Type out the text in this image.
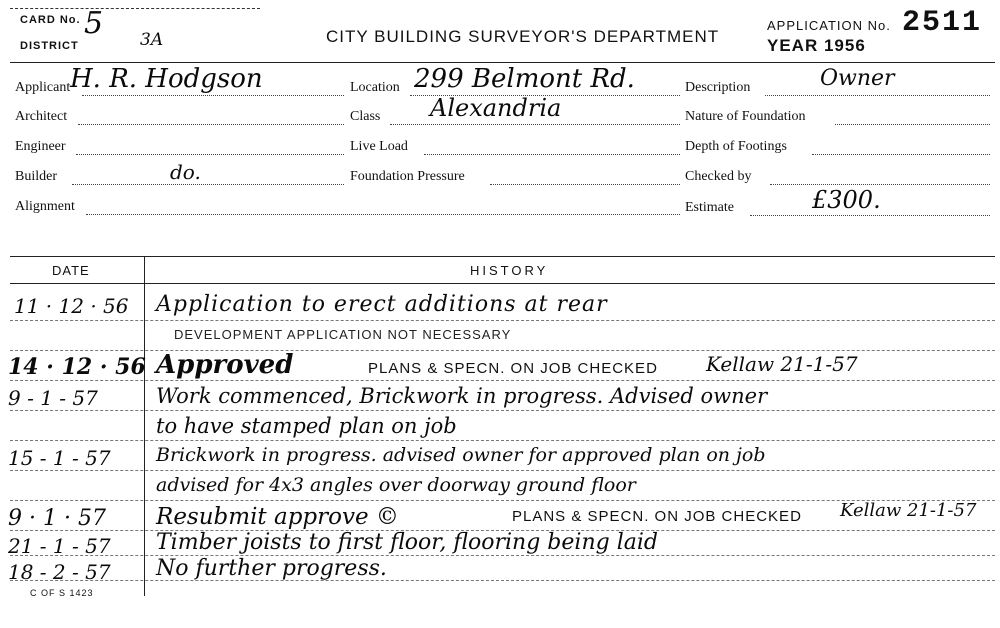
CARD No. 5
DISTRICT	3A	CITY BUILDING SURVEYOR'S DEPARTMENT
APPLICATION No. 2511
YEAR 1956
Applicant H. R. Hodgson	Location 299 Belmont Rd.	Description	Owner
Architect	Class Alexandria	Nature of Foundation
Engineer	Live Load	Depth of Footings
Builder	do.	Foundation Pressure	Checked by
Alignment	Estimate	£300.
DATE	HISTORY
11 · 12 · 56 Application to erect additions at rear
DEVELOPMENT APPLICATION NOT NECESSARY
14 · 12 · 56 Approved	PLANS & SPECN. ON JOB CHECKED Kellaw 21-1-57
9 - 1 - 57	Work commenced, Brickwork in progress. Advised owner
to have stamped plan on job
15 - 1 - 57 Brickwork in progress. advised owner for approved plan on job
advised for 4x3 angles over doorway ground floor
9 · 1 · 57 Resubmit approve ©	PLANS & SPECN. ON JOB CHECKED Kellaw 21-1-57
21 - 1 - 57 Timber joists to first floor, flooring being laid
18 - 2 - 57 No further progress.
C OF S 1423
